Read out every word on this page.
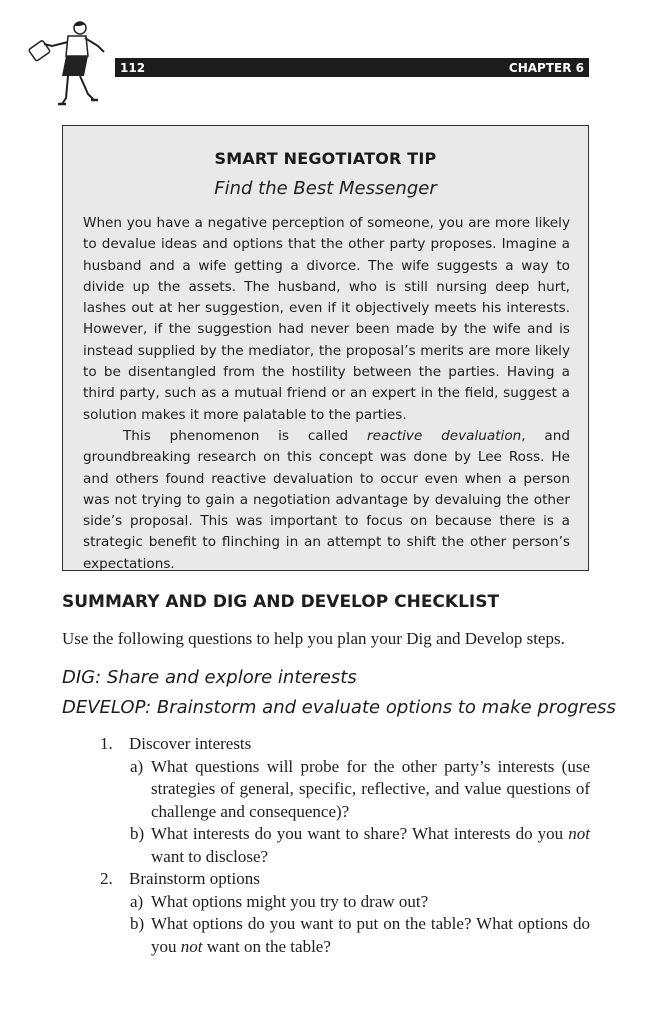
112	CHAPTER 6
SMART NEGOTIATOR TIP
Find the Best Messenger

When you have a negative perception of someone, you are more likely to devalue ideas and options that the other party proposes. Imagine a husband and a wife getting a divorce. The wife suggests a way to divide up the assets. The husband, who is still nursing deep hurt, lashes out at her suggestion, even if it objectively meets his interests. However, if the suggestion had never been made by the wife and is instead supplied by the mediator, the proposal’s merits are more likely to be disentangled from the hostility between the parties. Having a third party, such as a mutual friend or an expert in the field, suggest a solution makes it more palatable to the parties.

This phenomenon is called reactive devaluation, and groundbreaking research on this concept was done by Lee Ross. He and others found reactive devaluation to occur even when a person was not trying to gain a negotiation advantage by devaluing the other side’s proposal. This was important to focus on because there is a strategic benefit to flinching in an attempt to shift the other person’s expectations.

SUMMARY AND DIG AND DEVELOP CHECKLIST
Use the following questions to help you plan your Dig and Develop steps.
DIG: Share and explore interests
DEVELOP: Brainstorm and evaluate options to make progress
1. Discover interests
a) What questions will probe for the other party’s interests (use strategies of general, specific, reflective, and value questions of challenge and consequence)?
b) What interests do you want to share? What interests do you not want to disclose?
2. Brainstorm options
a) What options might you try to draw out?
b) What options do you want to put on the table? What options do you not want on the table?
